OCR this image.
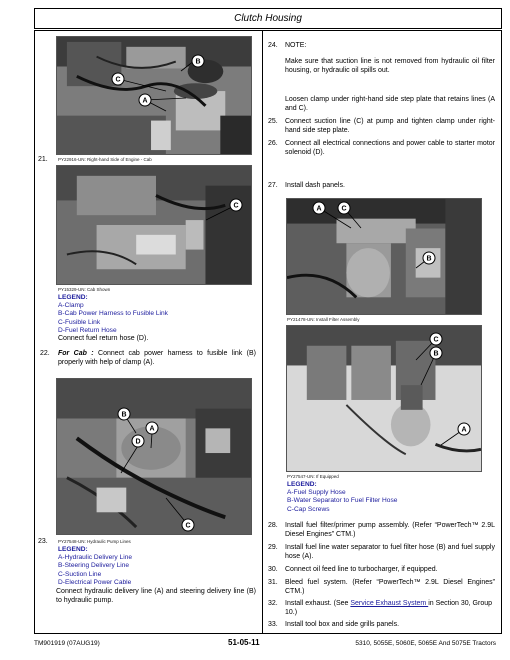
Clutch Housing
C
B
A
21. PY22916-UN: Right-hand Side of Engine - Cab
C
PY15329-UN: Cab Shown
LEGEND:
A-Clamp
B-Cab Power Harness to Fusible Link
C-Fusible Link
D-Fuel Return Hose
Connect fuel return hose (D).
22. For Cab : Connect cab power harness to fusible link (B) properly with help of clamp (A).
B
A
D
C
23. PY27548-UN: Hydraulic Pump Lines
LEGEND:
A-Hydraulic Delivery Line
B-Steering Delivery Line
C-Suction Line
D-Electrical Power Cable
Connect hydraulic delivery line (A) and steering delivery line (B) to hydraulic pump.
24. NOTE:
Make sure that suction line is not removed from hydraulic oil filter housing, or hydraulic oil spills out.
Loosen clamp under right-hand side step plate that retains lines (A and C).
25. Connect suction line (C) at pump and tighten clamp under right-hand side step plate.
26. Connect all electrical connections and power cable to starter motor solenoid (D).
27. Install dash panels.
A	C
B
PY21478-UN: Install Filter Assembly
C
B
A
PY27547-UN: If Equipped
LEGEND:
A-Fuel Supply Hose
B-Water Separator to Fuel Filter Hose
C-Cap Screws
28. Install fuel filter/primer pump assembly. (Refer “PowerTech™ 2.9L Diesel Engines” CTM.)
29. Install fuel line water separator to fuel filter hose (B) and fuel supply hose (A).
30. Connect oil feed line to turbocharger, if equipped.
31. Bleed fuel system. (Refer “PowerTech™ 2.9L Diesel Engines” CTM.)
32. Install exhaust. (See Service Exhaust System in Section 30, Group 10.)
33. Install tool box and side grills panels.
TM901919 (07AUG19)	51-05-11	5310, 5055E, 5060E, 5065E And 5075E Tractors
